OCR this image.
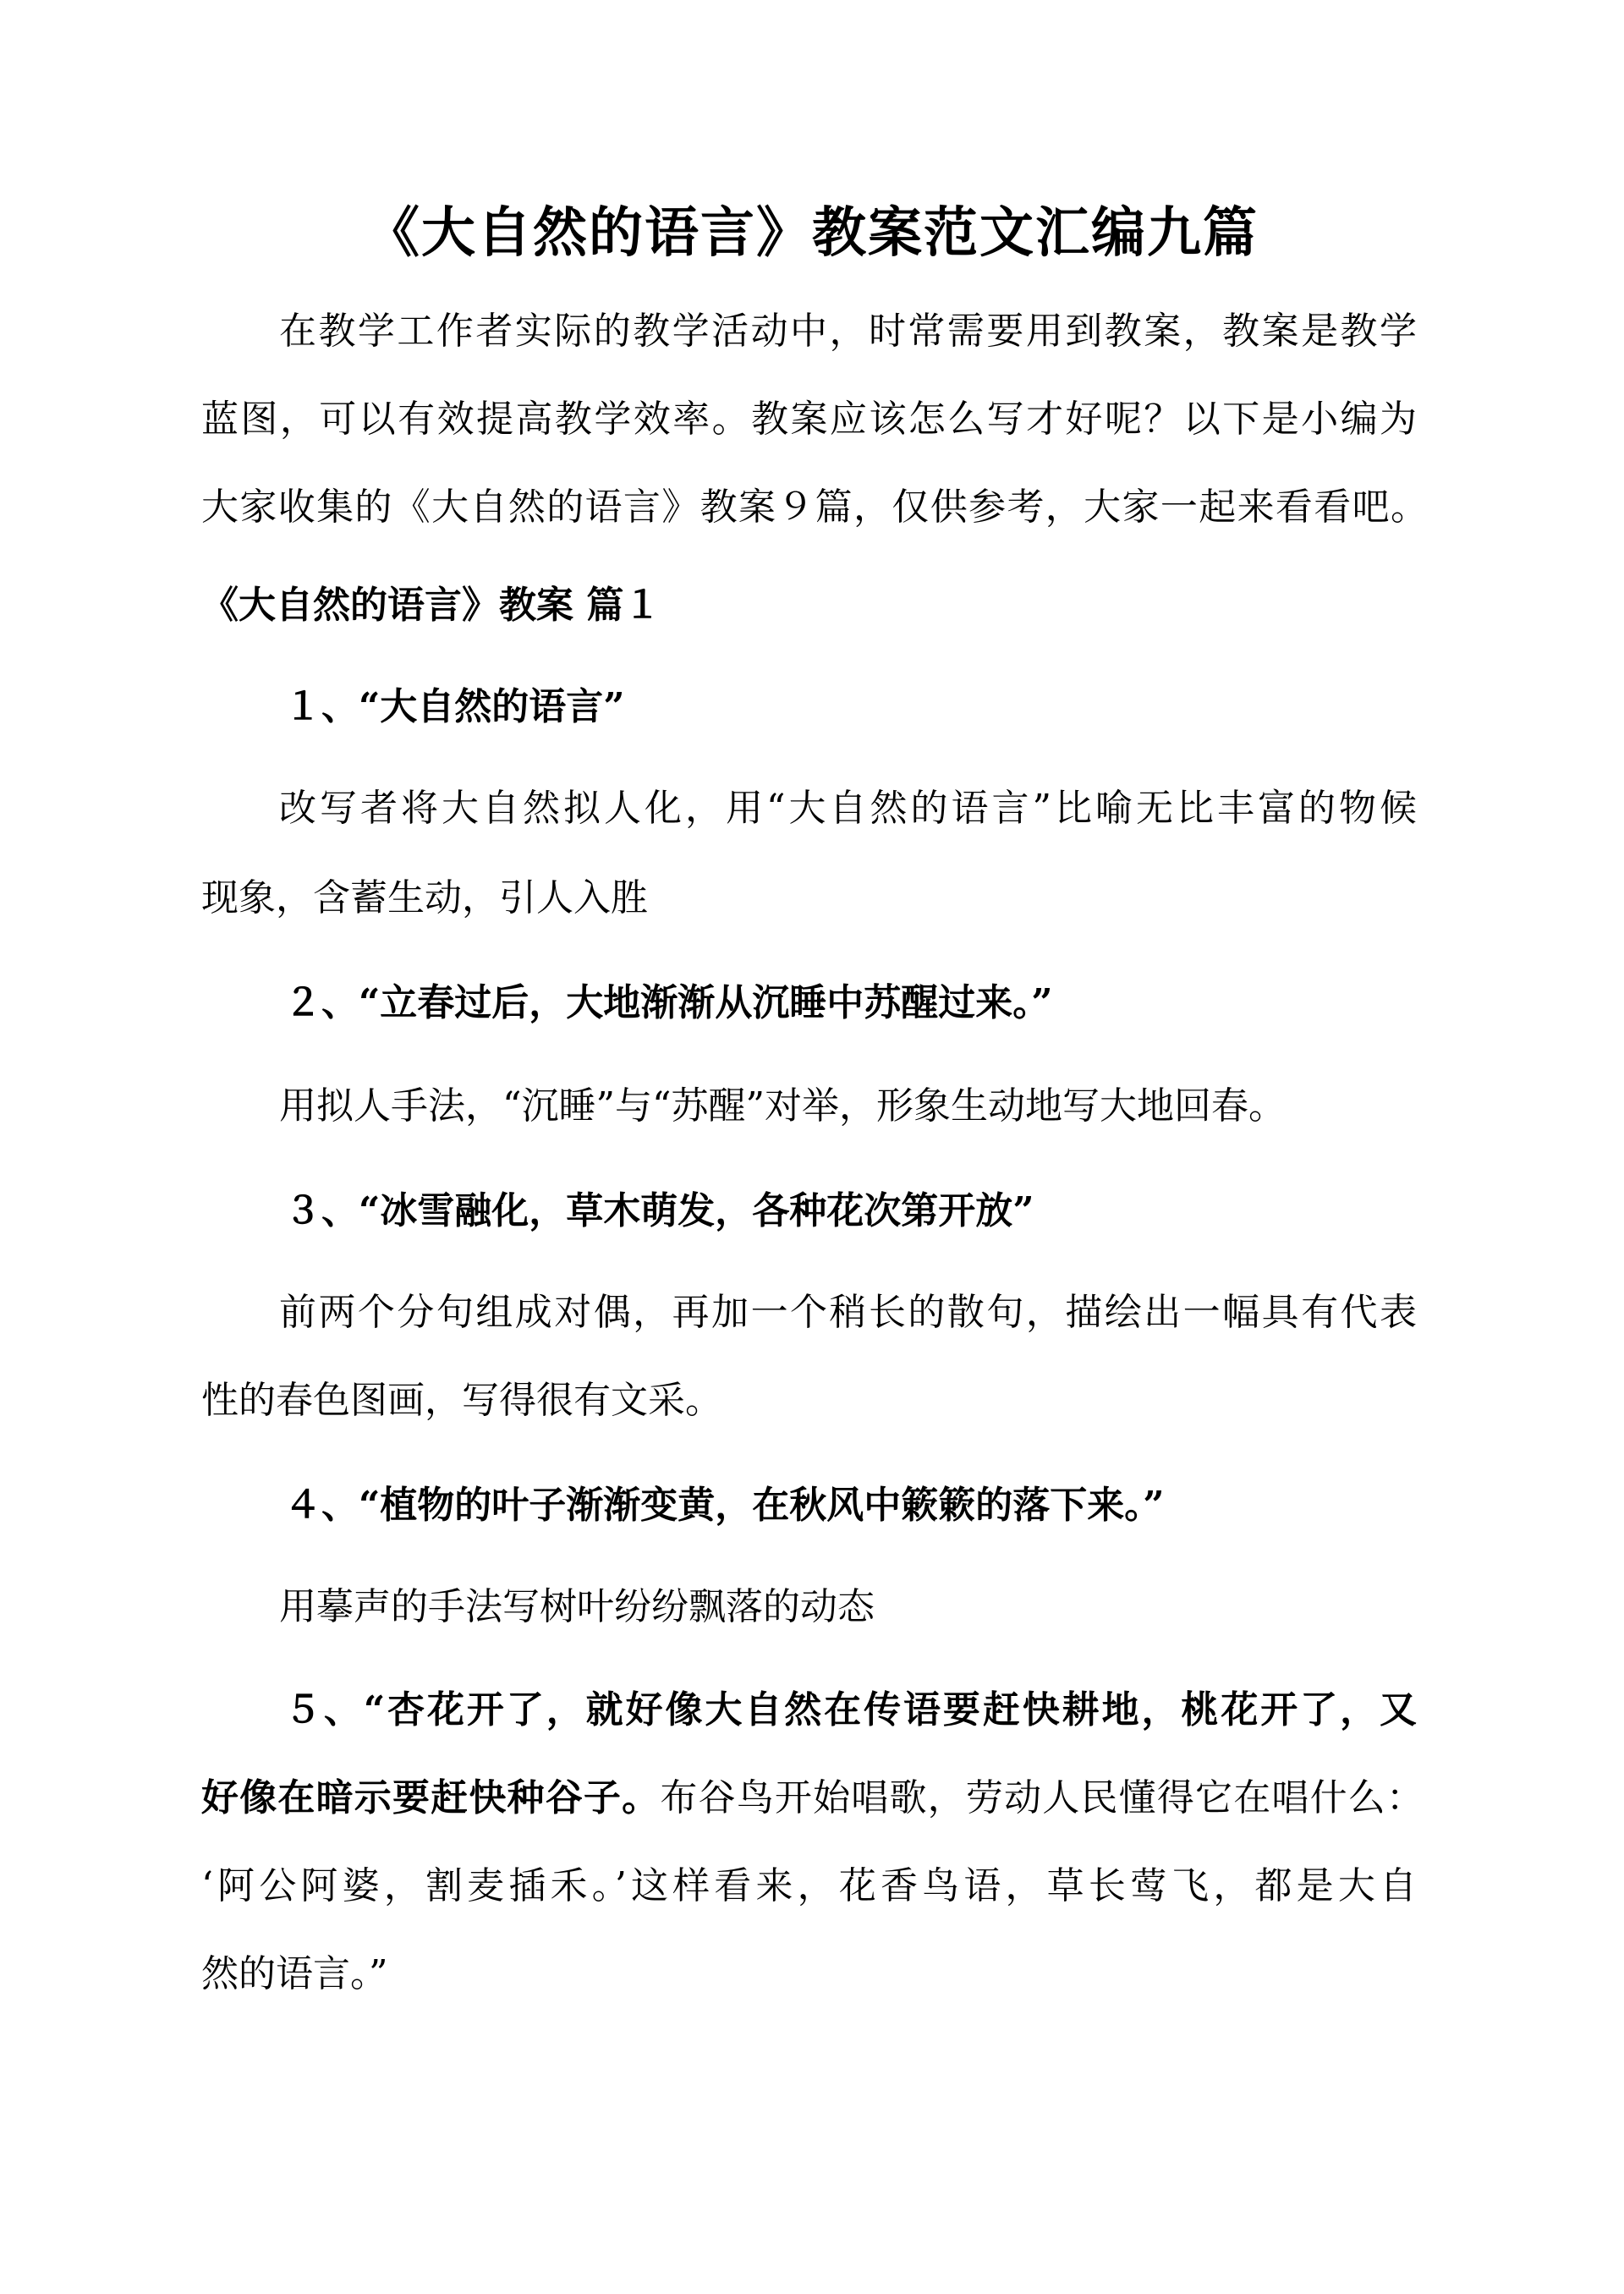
《大自然的语言》教案范文汇编九篇
在教学工作者实际的教学活动中，时常需要用到教案，教案是教学
蓝图，可以有效提高教学效率。教案应该怎么写才好呢？以下是小编为
大家收集的《大自然的语言》教案９篇，仅供参考，大家一起来看看吧。
《大自然的语言》教案 篇１
１、“大自然的语言”
改写者将大自然拟人化，用“大自然的语言”比喻无比丰富的物候
现象，含蓄生动，引人入胜
２、“立春过后，大地渐渐从沉睡中苏醒过来。”
用拟人手法，“沉睡”与“苏醒”对举，形象生动地写大地回春。
３、“冰雪融化，草木萌发，各种花次第开放”
前两个分句组成对偶，再加一个稍长的散句，描绘出一幅具有代表
性的春色图画，写得很有文采。
４、“植物的叶子渐渐变黄，在秋风中簌簌的落下来。”
用摹声的手法写树叶纷纷飘落的动态
５、“杏花开了，就好像大自然在传语要赶快耕地，桃花开了，又
好像在暗示要赶快种谷子。布谷鸟开始唱歌，劳动人民懂得它在唱什么：
‘阿公阿婆，割麦插禾。’这样看来，花香鸟语，草长莺飞，都是大自
然的语言。”
